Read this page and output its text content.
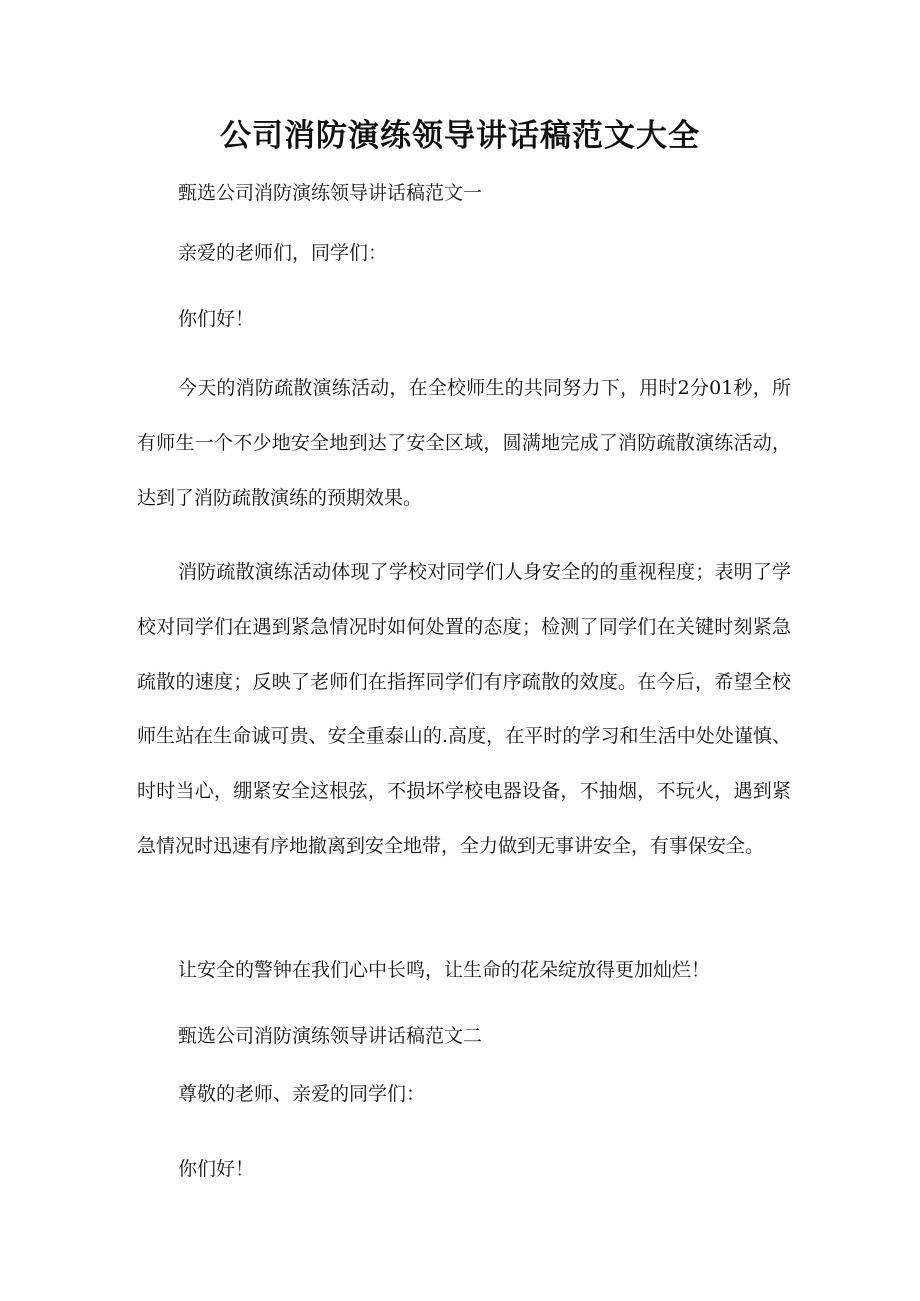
公司消防演练领导讲话稿范文大全

甄选公司消防演练领导讲话稿范文一

亲爱的老师们，同学们：

你们好！

今天的消防疏散演练活动，在全校师生的共同努力下，用时2分01秒，所有师生一个不少地安全地到达了安全区域，圆满地完成了消防疏散演练活动，达到了消防疏散演练的预期效果。

消防疏散演练活动体现了学校对同学们人身安全的的重视程度；表明了学校对同学们在遇到紧急情况时如何处置的态度；检测了同学们在关键时刻紧急疏散的速度；反映了老师们在指挥同学们有序疏散的效度。在今后，希望全校师生站在生命诚可贵、安全重泰山的.高度，在平时的学习和生活中处处谨慎、时时当心，绷紧安全这根弦，不损坏学校电器设备，不抽烟，不玩火，遇到紧急情况时迅速有序地撤离到安全地带，全力做到无事讲安全，有事保安全。

让安全的警钟在我们心中长鸣，让生命的花朵绽放得更加灿烂！

甄选公司消防演练领导讲话稿范文二

尊敬的老师、亲爱的同学们：

你们好！
